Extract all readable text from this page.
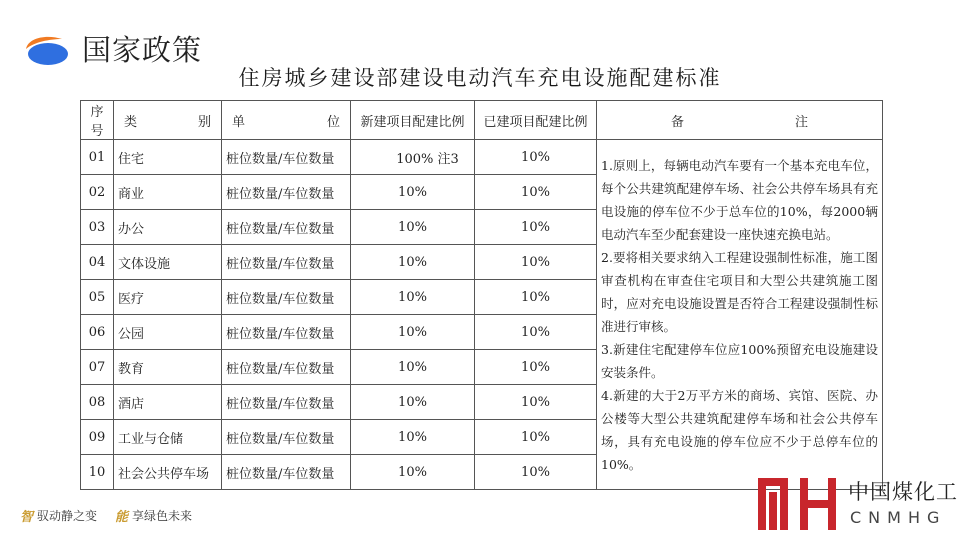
国家政策
住房城乡建设部建设电动汽车充电设施配建标准
序号	类 别	单 位	新建项目配建比例	已建项目配建比例	备 注

01	住宅	桩位数量/车位数量	100% 注3	10%	1.原则上，每辆电动汽车要有一个基本充电车位，每个公共建筑配建停车场、社会公共停车场具有充电设施的停车位不少于总车位的10%，每2000辆电动汽车至少配套建设一座快速充换电站。

2.要将相关要求纳入工程建设强制性标准，施工图审查机构在审查住宅项目和大型公共建筑施工图时，应对充电设施设置是否符合工程建设强制性标准进行审核。

3.新建住宅配建停车位应100%预留充电设施建设安装条件。

4.新建的大于2万平方米的商场、宾馆、医院、办公楼等大型公共建筑配建停车场和社会公共停车场，具有充电设施的停车位应不少于总停车位的10%。

02	商业	桩位数量/车位数量	10%	10%	
03	办公	桩位数量/车位数量	10%	10%	
04	文体设施	桩位数量/车位数量	10%	10%	
05	医疗	桩位数量/车位数量	10%	10%	
06	公园	桩位数量/车位数量	10%	10%	
07	教育	桩位数量/车位数量	10%	10%	
08	酒店	桩位数量/车位数量	10%	10%	
09	工业与仓储	桩位数量/车位数量	10%	10%	
10	社会公共停车场	桩位数量/车位数量	10%	10%	
智 驭动静之变 能 享绿色未来
中国煤化工
CNMHG
